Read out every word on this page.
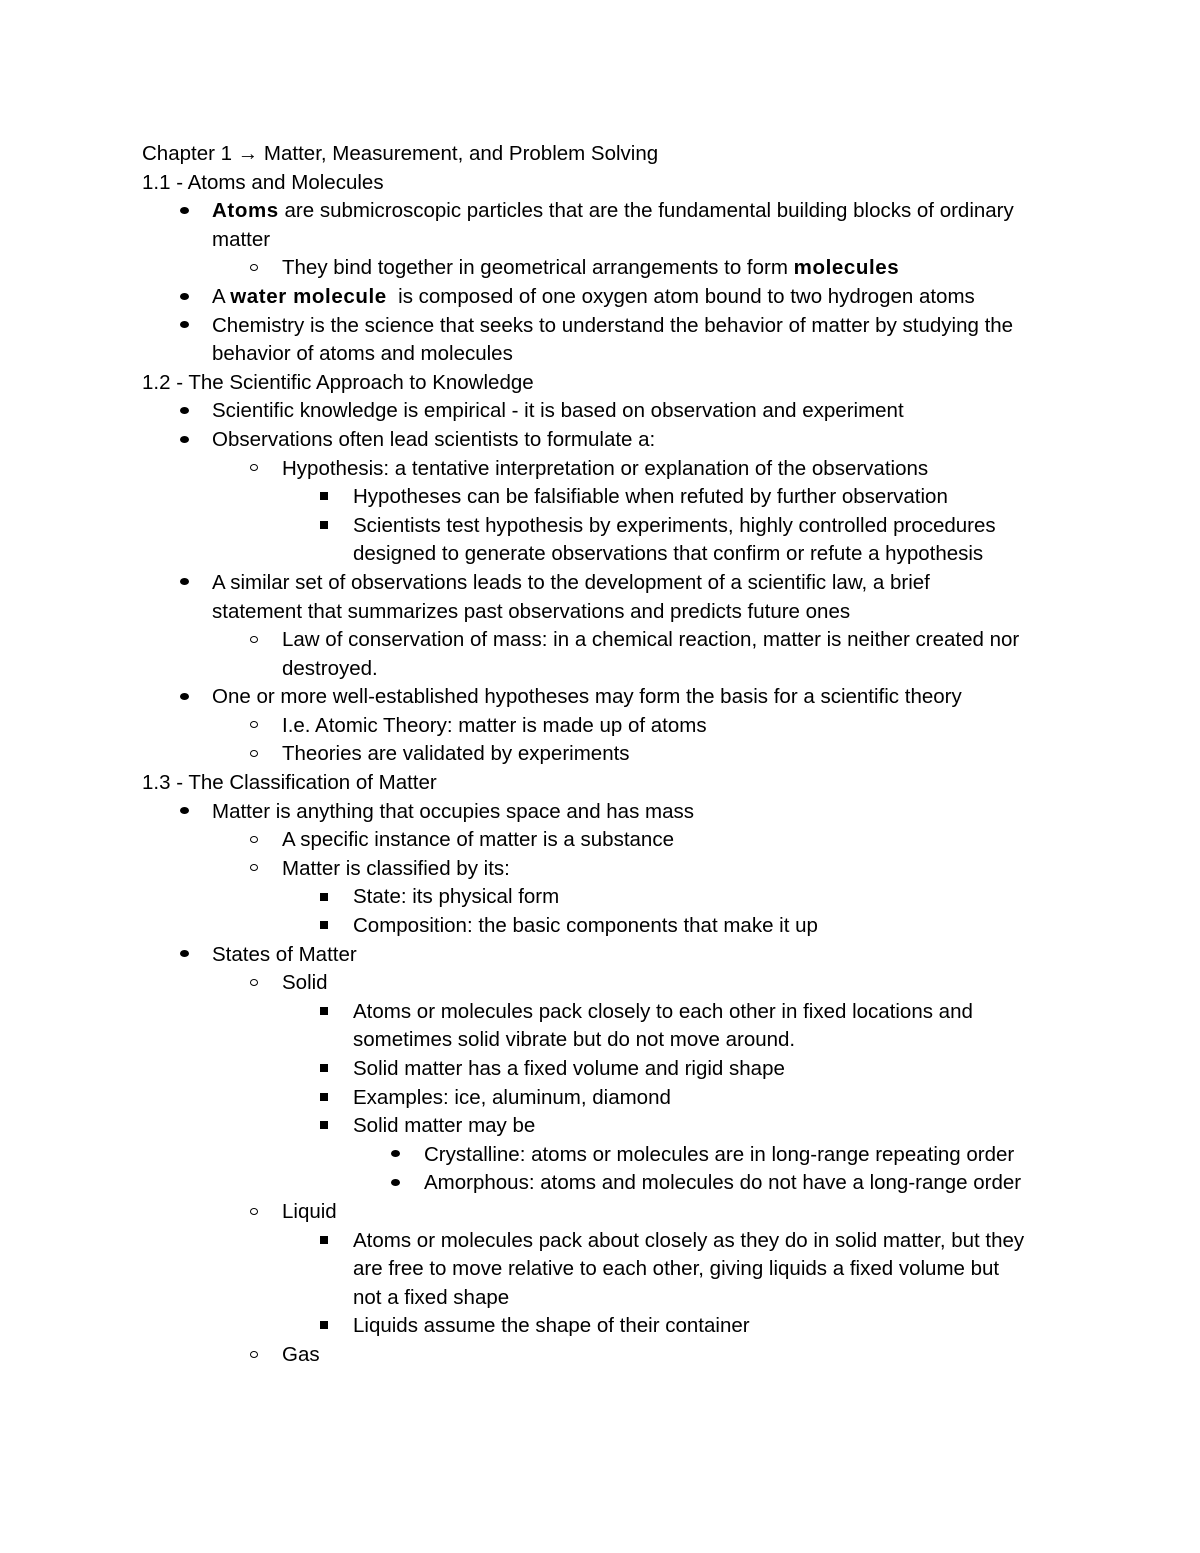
Chapter 1 → Matter, Measurement, and Problem Solving
1.1 - Atoms and Molecules
Atoms are submicroscopic particles that are the fundamental building blocks of ordinary
matter
They bind together in geometrical arrangements to form molecules
A water molecule  is composed of one oxygen atom bound to two hydrogen atoms
Chemistry is the science that seeks to understand the behavior of matter by studying the
behavior of atoms and molecules
1.2 - The Scientific Approach to Knowledge
Scientific knowledge is empirical - it is based on observation and experiment
Observations often lead scientists to formulate a:
Hypothesis: a tentative interpretation or explanation of the observations
Hypotheses can be falsifiable when refuted by further observation
Scientists test hypothesis by experiments, highly controlled procedures
designed to generate observations that confirm or refute a hypothesis
A similar set of observations leads to the development of a scientific law, a brief
statement that summarizes past observations and predicts future ones
Law of conservation of mass: in a chemical reaction, matter is neither created nor
destroyed.
One or more well-established hypotheses may form the basis for a scientific theory
I.e. Atomic Theory: matter is made up of atoms
Theories are validated by experiments
1.3 - The Classification of Matter
Matter is anything that occupies space and has mass
A specific instance of matter is a substance
Matter is classified by its:
State: its physical form
Composition: the basic components that make it up
States of Matter
Solid
Atoms or molecules pack closely to each other in fixed locations and
sometimes solid vibrate but do not move around.
Solid matter has a fixed volume and rigid shape
Examples: ice, aluminum, diamond
Solid matter may be
Crystalline: atoms or molecules are in long-range repeating order
Amorphous: atoms and molecules do not have a long-range order
Liquid
Atoms or molecules pack about closely as they do in solid matter, but they
are free to move relative to each other, giving liquids a fixed volume but
not a fixed shape
Liquids assume the shape of their container
Gas
